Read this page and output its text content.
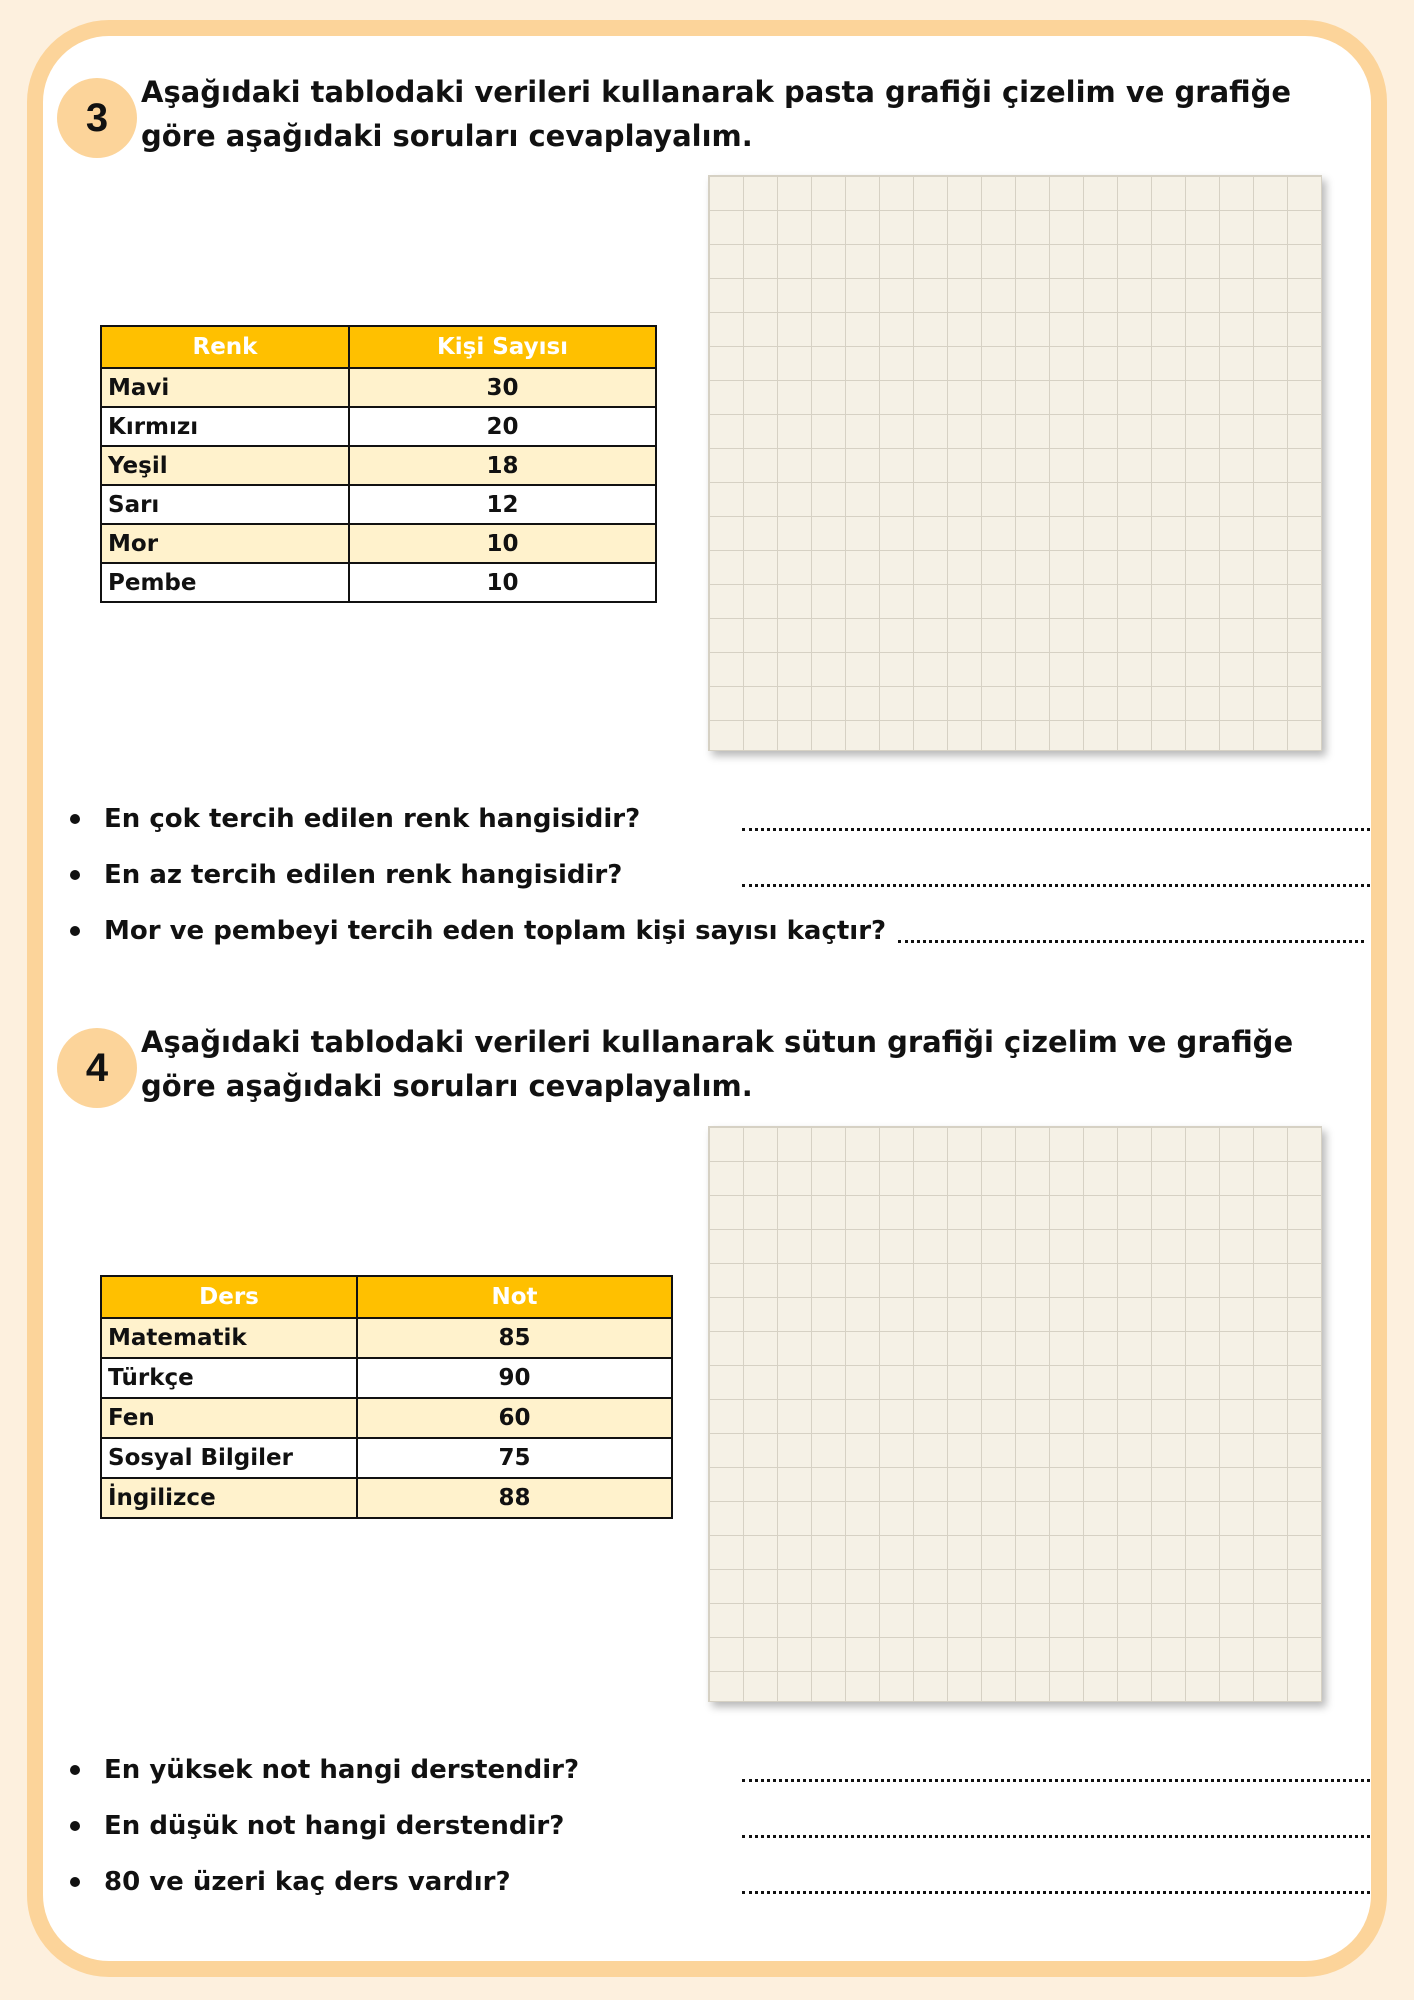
3

Aşağıdaki tablodaki verileri kullanarak pasta grafiği çizelim ve grafiğe göre aşağıdaki soruları cevaplayalım.

Renk	Kişi Sayısı
Mavi	30
Kırmızı	20
Yeşil	18
Sarı	12
Mor	10
Pembe	10
En çok tercih edilen renk hangisidir?
En az tercih edilen renk hangisidir?
Mor ve pembeyi tercih eden toplam kişi sayısı kaçtır?
4

Aşağıdaki tablodaki verileri kullanarak sütun grafiği çizelim ve grafiğe göre aşağıdaki soruları cevaplayalım.

Ders	Not
Matematik	85
Türkçe	90
Fen	60
Sosyal Bilgiler	75
İngilizce	88
En yüksek not hangi derstendir?
En düşük not hangi derstendir?
80 ve üzeri kaç ders vardır?
